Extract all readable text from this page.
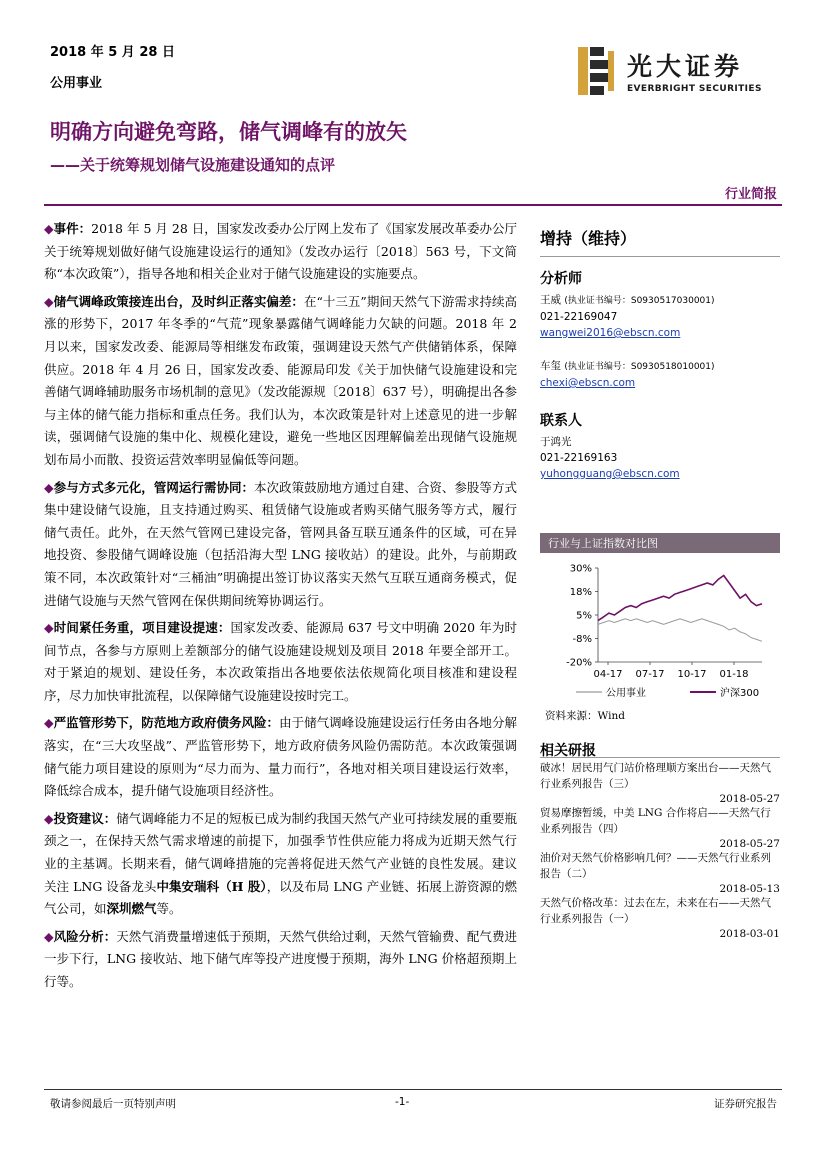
2018 年 5 月 28 日
公用事业
明确方向避免弯路，储气调峰有的放矢
——关于统筹规划储气设施建设通知的点评
行业简报
光大证券
EVERBRIGHT SECURITIES

◆事件：2018 年 5 月 28 日，国家发改委办公厅网上发布了《国家发展改革委办公厅关于统筹规划做好储气设施建设运行的通知》（发改办运行〔2018〕563 号，下文简称“本次政策”），指导各地和相关企业对于储气设施建设的实施要点。

◆储气调峰政策接连出台，及时纠正落实偏差：在“十三五”期间天然气下游需求持续高涨的形势下，2017 年冬季的“气荒”现象暴露储气调峰能力欠缺的问题。2018 年 2 月以来，国家发改委、能源局等相继发布政策，强调建设天然气产供储销体系，保障供应。2018 年 4 月 26 日，国家发改委、能源局印发《关于加快储气设施建设和完善储气调峰辅助服务市场机制的意见》（发改能源规〔2018〕637 号），明确提出各参与主体的储气能力指标和重点任务。我们认为，本次政策是针对上述意见的进一步解读，强调储气设施的集中化、规模化建设，避免一些地区因理解偏差出现储气设施规划布局小而散、投资运营效率明显偏低等问题。

◆参与方式多元化，管网运行需协同：本次政策鼓励地方通过自建、合资、参股等方式集中建设储气设施，且支持通过购买、租赁储气设施或者购买储气服务等方式，履行储气责任。此外，在天然气管网已建设完备，管网具备互联互通条件的区域，可在异地投资、参股储气调峰设施（包括沿海大型 LNG 接收站）的建设。此外，与前期政策不同，本次政策针对“三桶油”明确提出签订协议落实天然气互联互通商务模式，促进储气设施与天然气管网在保供期间统筹协调运行。

◆时间紧任务重，项目建设提速：国家发改委、能源局 637 号文中明确 2020 年为时间节点，各参与方原则上差额部分的储气设施建设规划及项目 2018 年要全部开工。对于紧迫的规划、建设任务，本次政策指出各地要依法依规简化项目核准和建设程序，尽力加快审批流程，以保障储气设施建设按时完工。

◆严监管形势下，防范地方政府债务风险：由于储气调峰设施建设运行任务由各地分解落实，在“三大攻坚战”、严监管形势下，地方政府债务风险仍需防范。本次政策强调储气能力项目建设的原则为“尽力而为、量力而行”，各地对相关项目建设运行效率，降低综合成本，提升储气设施项目经济性。

◆投资建议：储气调峰能力不足的短板已成为制约我国天然气产业可持续发展的重要瓶颈之一，在保持天然气需求增速的前提下，加强季节性供应能力将成为近期天然气行业的主基调。长期来看，储气调峰措施的完善将促进天然气产业链的良性发展。建议关注 LNG 设备龙头中集安瑞科（H 股），以及布局 LNG 产业链、拓展上游资源的燃气公司，如深圳燃气等。

◆风险分析：天然气消费量增速低于预期，天然气供给过剩，天然气管输费、配气费进一步下行，LNG 接收站、地下储气库等投产进度慢于预期，海外 LNG 价格超预期上行等。

增持（维持）
分析师
王威 (执业证书编号：S0930517030001)
021-22169047
wangwei2016@ebscn.com
车玺 (执业证书编号：S0930518010001)
chexi@ebscn.com
联系人
于鸿光
021-22169163
yuhongguang@ebscn.com
行业与上证指数对比图
30%
18%
5%
-8%
-20%
04-17 07-17 10-17 01-18
公用事业	沪深300
资料来源：Wind
相关研报
破冰！居民用气门站价格理顺方案出台——天然气行业系列报告（三）
2018-05-27
贸易摩擦暂缓，中美 LNG 合作将启——天然气行业系列报告（四）
2018-05-27
油价对天然气价格影响几何？——天然气行业系列报告（二）
2018-05-13
天然气价格改革：过去在左，未来在右——天然气行业系列报告（一）
2018-03-01
敬请参阅最后一页特别声明	-1-	证券研究报告
